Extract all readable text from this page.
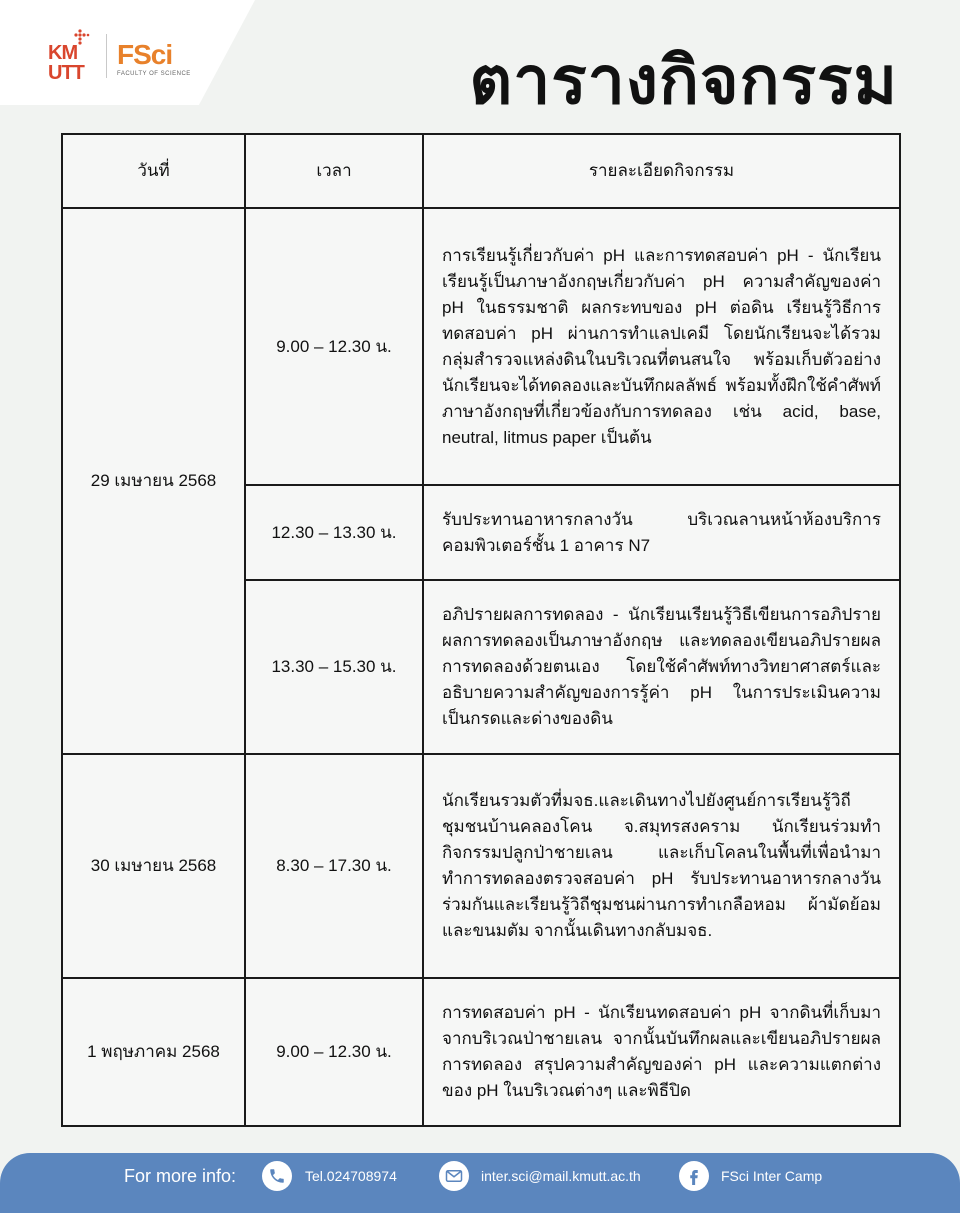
KM
UTT
FSci
FACULTY OF SCIENCE	ตารางกิจกรรม
วันที่	เวลา	รายละเอียดกิจกรรม
29 เมษายน 2568	9.00 – 12.30 น.	การเรียนรู้เกี่ยวกับค่า pH และการทดสอบค่า pH - นักเรียนเรียนรู้เป็นภาษาอังกฤษเกี่ยวกับค่า pH ความสำคัญของค่า pH ในธรรมชาติ ผลกระทบของ pH ต่อดิน เรียนรู้วิธีการทดสอบค่า pH ผ่านการทำแลปเคมี โดยนักเรียนจะได้รวมกลุ่มสำรวจแหล่งดินในบริเวณที่ตนสนใจ พร้อมเก็บตัวอย่าง นักเรียนจะได้ทดลองและบันทึกผลลัพธ์ พร้อมทั้งฝึกใช้คำศัพท์ภาษาอังกฤษที่เกี่ยวข้องกับการทดลอง เช่น acid, base, neutral, litmus paper เป็นต้น
	12.30 – 13.30 น.	รับประทานอาหารกลางวัน บริเวณลานหน้าห้องบริการคอมพิวเตอร์ชั้น 1 อาคาร N7
	13.30 – 15.30 น.	อภิปรายผลการทดลอง - นักเรียนเรียนรู้วิธีเขียนการอภิปรายผลการทดลองเป็นภาษาอังกฤษ และทดลองเขียนอภิปรายผลการทดลองด้วยตนเอง โดยใช้คำศัพท์ทางวิทยาศาสตร์และอธิบายความสำคัญของการรู้ค่า pH ในการประเมินความเป็นกรดและด่างของดิน
30 เมษายน 2568	8.30 – 17.30 น.	นักเรียนรวมตัวที่มจธ.และเดินทางไปยังศูนย์การเรียนรู้วิถีชุมชนบ้านคลองโคน จ.สมุทรสงคราม นักเรียนร่วมทำกิจกรรมปลูกป่าชายเลน และเก็บโคลนในพื้นที่เพื่อนำมาทำการทดลองตรวจสอบค่า pH รับประทานอาหารกลางวันร่วมกันและเรียนรู้วิถีชุมชนผ่านการทำเกลือหอม ผ้ามัดย้อมและขนมตัม จากนั้นเดินทางกลับมจธ.
1 พฤษภาคม 2568	9.00 – 12.30 น.	การทดสอบค่า pH - นักเรียนทดสอบค่า pH จากดินที่เก็บมาจากบริเวณป่าชายเลน จากนั้นบันทึกผลและเขียนอภิปรายผลการทดลอง สรุปความสำคัญของค่า pH และความแตกต่างของ pH ในบริเวณต่างๆ และพิธีปิด
For more info:	Tel.024708974	inter.sci@mail.kmutt.ac.th	FSci Inter Camp
